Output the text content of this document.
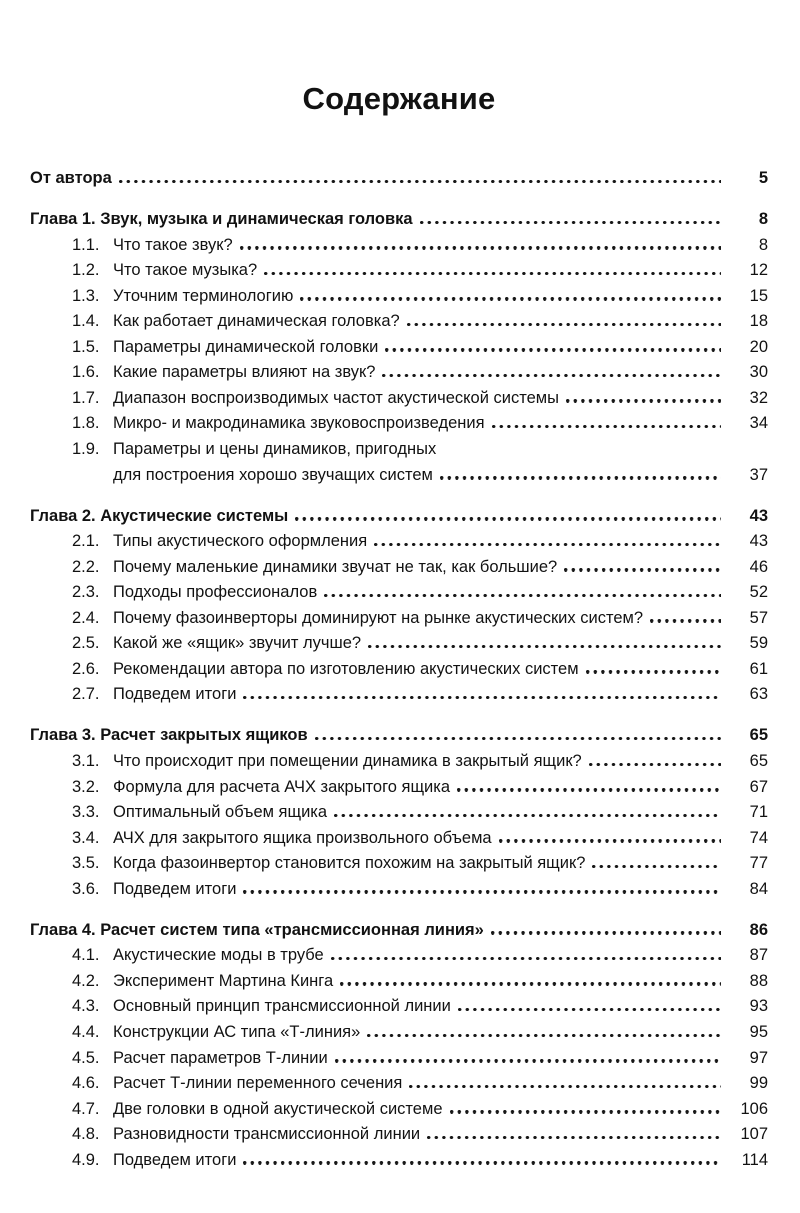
Содержание
От автора	5
Глава 1. Звук, музыка и динамическая головка	8
1.1. Что такое звук?	8
1.2. Что такое музыка?	12
1.3. Уточним терминологию	15
1.4. Как работает динамическая головка?	18
1.5. Параметры динамической головки	20
1.6. Какие параметры влияют на звук?	30
1.7. Диапазон воспроизводимых частот акустической системы	32
1.8. Микро- и макродинамика звуковоспроизведения	34
1.9. Параметры и цены динамиков, пригодных
для построения хорошо звучащих систем	37
Глава 2. Акустические системы	43
2.1. Типы акустического оформления	43
2.2. Почему маленькие динамики звучат не так, как большие?	46
2.3. Подходы профессионалов	52
2.4. Почему фазоинверторы доминируют на рынке акустических систем?	57
2.5. Какой же «ящик» звучит лучше?	59
2.6. Рекомендации автора по изготовлению акустических систем	61
2.7. Подведем итоги	63
Глава 3. Расчет закрытых ящиков	65
3.1. Что происходит при помещении динамика в закрытый ящик?	65
3.2. Формула для расчета АЧХ закрытого ящика	67
3.3. Оптимальный объем ящика	71
3.4. АЧХ для закрытого ящика произвольного объема	74
3.5. Когда фазоинвертор становится похожим на закрытый ящик?	77
3.6. Подведем итоги	84
Глава 4. Расчет систем типа «трансмиссионная линия»	86
4.1. Акустические моды в трубе	87
4.2. Эксперимент Мартина Кинга	88
4.3. Основный принцип трансмиссионной линии	93
4.4. Конструкции АС типа «Т-линия»	95
4.5. Расчет параметров Т-линии	97
4.6. Расчет Т-линии переменного сечения	99
4.7. Две головки в одной акустической системе	106
4.8. Разновидности трансмиссионной линии	107
4.9. Подведем итоги	114
